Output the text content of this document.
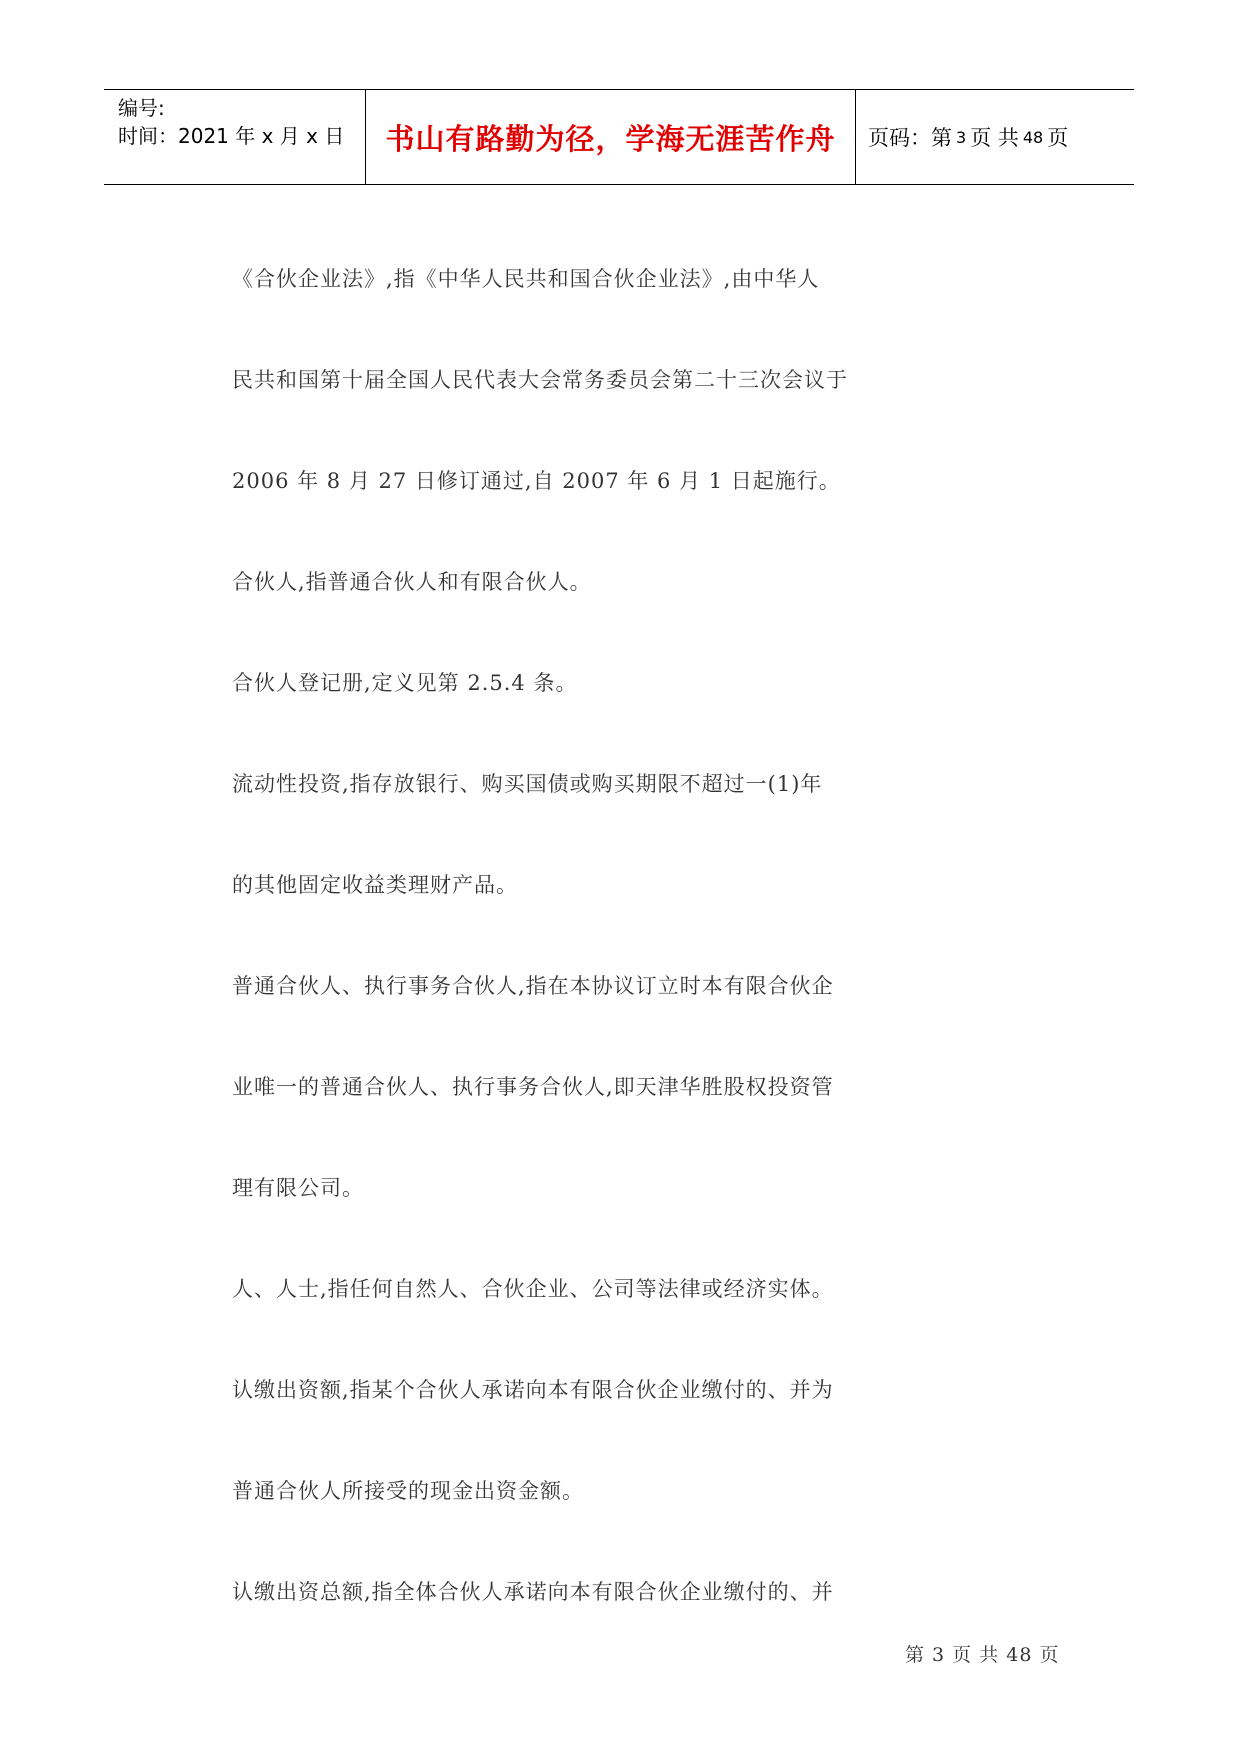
编号:
时间：2021 年 x 月 x 日	书山有路勤为径，学海无涯苦作舟	页码：第 3 页 共 48 页
《合伙企业法》,指《中华人民共和国合伙企业法》,由中华人
民共和国第十届全国人民代表大会常务委员会第二十三次会议于
2006 年 8 月 27 日修订通过,自 2007 年 6 月 1 日起施行。
合伙人,指普通合伙人和有限合伙人。
合伙人登记册,定义见第 2.5.4 条。
流动性投资,指存放银行、购买国债或购买期限不超过一(1)年
的其他固定收益类理财产品。
普通合伙人、执行事务合伙人,指在本协议订立时本有限合伙企
业唯一的普通合伙人、执行事务合伙人,即天津华胜股权投资管
理有限公司。
人、人士,指任何自然人、合伙企业、公司等法律或经济实体。
认缴出资额,指某个合伙人承诺向本有限合伙企业缴付的、并为
普通合伙人所接受的现金出资金额。
认缴出资总额,指全体合伙人承诺向本有限合伙企业缴付的、并
第 3 页 共 48 页
